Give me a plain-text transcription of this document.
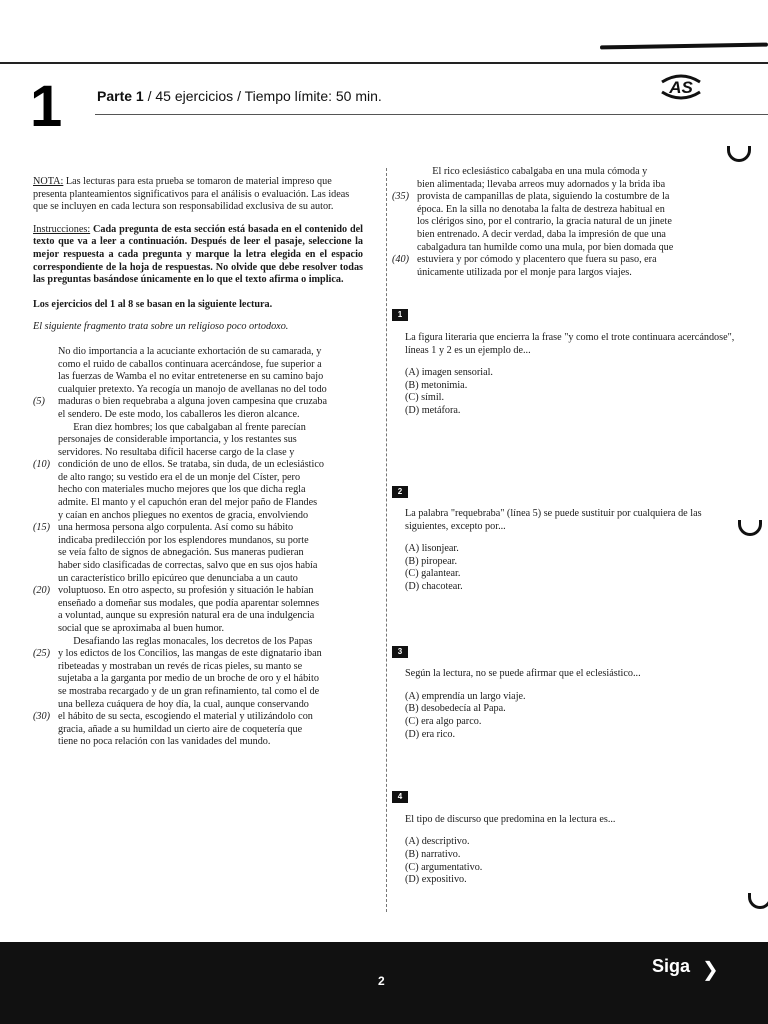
1 Parte 1 / 45 ejercicios / Tiempo límite: 50 min.	AS

NOTA: Las lecturas para esta prueba se tomaron de material impreso que presenta planteamientos significativos para el análisis o evaluación. Las ideas que se incluyen en cada lectura son responsabilidad exclusiva de su autor.

Instrucciones: Cada pregunta de esta sección está basada en el contenido del texto que va a leer a continuación. Después de leer el pasaje, seleccione la mejor respuesta a cada pregunta y marque la letra elegida en el espacio correspondiente de la hoja de respuestas. No olvide que debe resolver todas las preguntas basándose únicamente en lo que el texto afirma o implica.

Los ejercicios del 1 al 8 se basan en la siguiente lectura.

El siguiente fragmento trata sobre un religioso poco ortodoxo.

No dio importancia a la acuciante exhortación de su camarada, y
como el ruido de caballos continuara acercándose, fue superior a
las fuerzas de Wamba el no evitar entretenerse en su camino bajo
cualquier pretexto. Ya recogía un manojo de avellanas no del todo
(5)	maduras o bien requebraba a alguna joven campesina que cruzaba
el sendero. De este modo, los caballeros les dieron alcance.
Eran diez hombres; los que cabalgaban al frente parecían
personajes de considerable importancia, y los restantes sus
servidores. No resultaba difícil hacerse cargo de la clase y
(10) condición de uno de ellos. Se trataba, sin duda, de un eclesiástico
de alto rango; su vestido era el de un monje del Císter, pero
hecho con materiales mucho mejores que los que dicha regla
admite. El manto y el capuchón eran del mejor paño de Flandes
y caían en anchos pliegues no exentos de gracia, envolviendo
(15) una hermosa persona algo corpulenta. Así como su hábito
indicaba predilección por los esplendores mundanos, su porte
se veía falto de signos de abnegación. Sus maneras pudieran
haber sido clasificadas de correctas, salvo que en sus ojos había
un característico brillo epicúreo que denunciaba a un cauto
(20) voluptuoso. En otro aspecto, su profesión y situación le habían
enseñado a domeñar sus modales, que podía aparentar solemnes
a voluntad, aunque su expresión natural era de una indulgencia
social que se aproximaba al buen humor.
Desafiando las reglas monacales, los decretos de los Papas
(25) y los edictos de los Concilios, las mangas de este dignatario iban
ribeteadas y mostraban un revés de ricas pieles, su manto se
sujetaba a la garganta por medio de un broche de oro y el hábito
se mostraba recargado y de un gran refinamiento, tal como el de
una belleza cuáquera de hoy día, la cual, aunque conservando
(30) el hábito de su secta, escogiendo el material y utilizándolo con
gracia, añade a su humildad un cierto aire de coquetería que
tiene no poca relación con las vanidades del mundo.
El rico eclesiástico cabalgaba en una mula cómoda y
bien alimentada; llevaba arreos muy adornados y la brida iba
(35) provista de campanillas de plata, siguiendo la costumbre de la
época. En la silla no denotaba la falta de destreza habitual en
los clérigos sino, por el contrario, la gracia natural de un jinete
bien entrenado. A decir verdad, daba la impresión de que una
cabalgadura tan humilde como una mula, por bien domada que
(40) estuviera y por cómodo y placentero que fuera su paso, era
únicamente utilizada por el monje para largos viajes.
1

La figura literaria que encierra la frase "y como el trote continuara acercándose", líneas 1 y 2 es un ejemplo de...

(A) imagen sensorial.
(B) metonimia.
(C) símil.
(D) metáfora.
2

La palabra "requebraba" (línea 5) se puede sustituir por cualquiera de las siguientes, excepto por...

(A) lisonjear.
(B) piropear.
(C) galantear.
(D) chacotear.
3

Según la lectura, no se puede afirmar que el eclesiástico...

(A) emprendía un largo viaje.
(B) desobedecía al Papa.
(C) era algo parco.
(D) era rico.
4

El tipo de discurso que predomina en la lectura es...

(A) descriptivo.
(B) narrativo.
(C) argumentativo.
(D) expositivo.
2
Siga ❯
